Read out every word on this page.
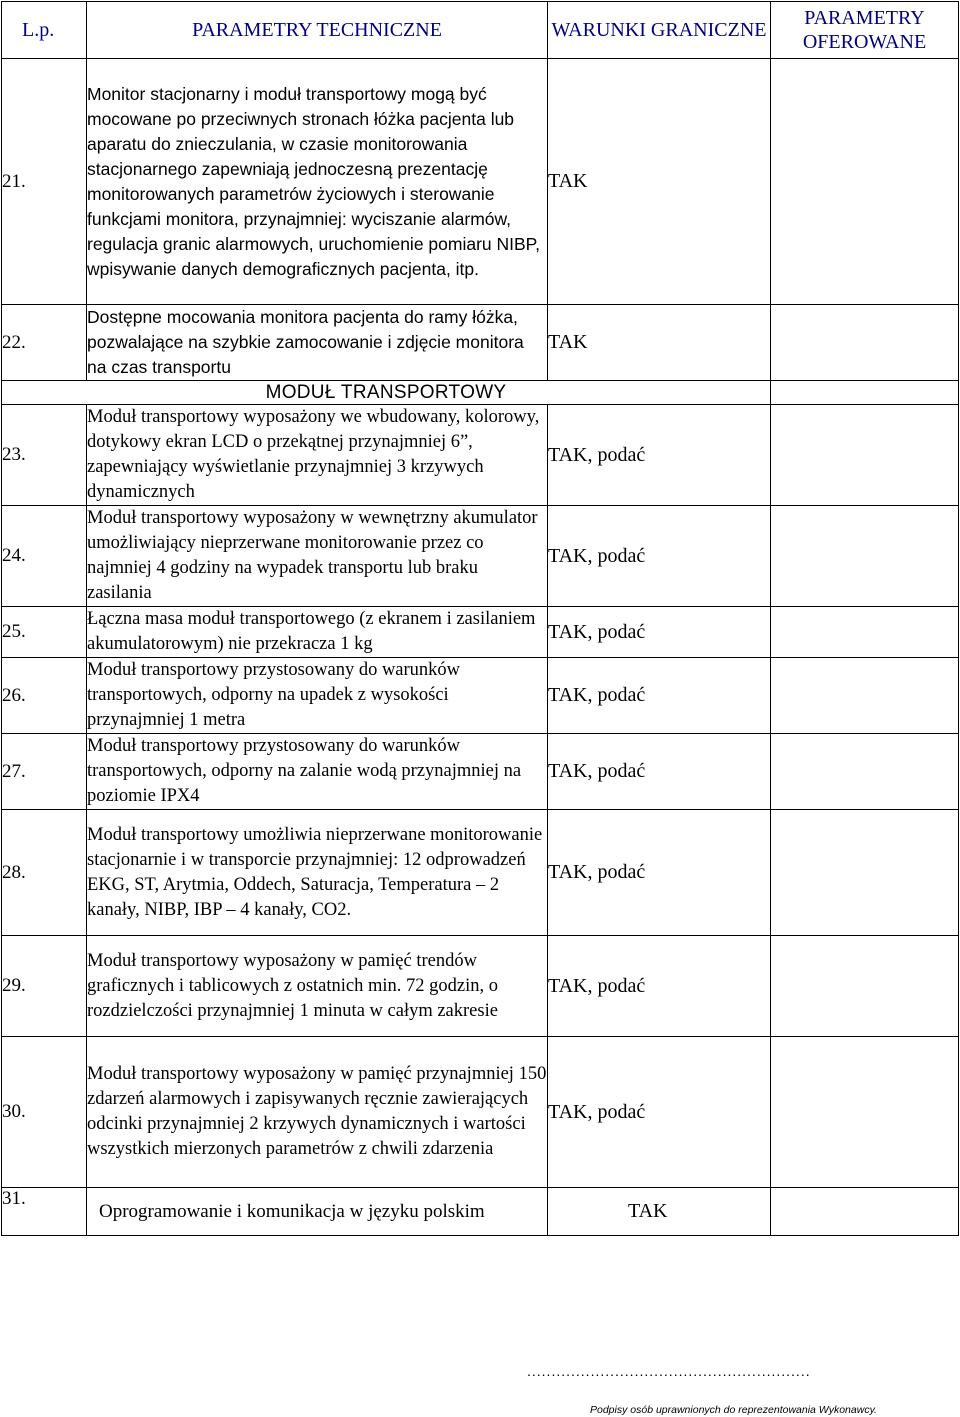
L.p.	PARAMETRY TECHNICZNE	WARUNKI GRANICZNE	PARAMETRY OFEROWANE
21.	Monitor stacjonarny i moduł transportowy mogą być mocowane po przeciwnych stronach łóżka pacjenta lub aparatu do znieczulania, w czasie monitorowania stacjonarnego zapewniają jednoczesną prezentację monitorowanych parametrów życiowych i sterowanie funkcjami monitora, przynajmniej: wyciszanie alarmów, regulacja granic alarmowych, uruchomienie pomiaru NIBP, wpisywanie danych demograficznych pacjenta, itp.	TAK	
22.	Dostępne mocowania monitora pacjenta do ramy łóżka, pozwalające na szybkie zamocowanie i zdjęcie monitora na czas transportu	TAK	
MODUŁ TRANSPORTOWY			
23.	Moduł transportowy wyposażony we wbudowany, kolorowy, dotykowy ekran LCD o przekątnej przynajmniej 6”, zapewniający wyświetlanie przynajmniej 3 krzywych dynamicznych	TAK, podać	
24.	Moduł transportowy wyposażony w wewnętrzny akumulator umożliwiający nieprzerwane monitorowanie przez co najmniej 4 godziny na wypadek transportu lub braku zasilania	TAK, podać	
25.	Łączna masa moduł transportowego (z ekranem i zasilaniem akumulatorowym) nie przekracza 1 kg	TAK, podać	
26.	Moduł transportowy przystosowany do warunków transportowych, odporny na upadek z wysokości przynajmniej 1 metra	TAK, podać	
27.	Moduł transportowy przystosowany do warunków transportowych, odporny na zalanie wodą przynajmniej na poziomie IPX4	TAK, podać	
28.	Moduł transportowy umożliwia nieprzerwane monitorowanie stacjonarnie i w transporcie przynajmniej: 12 odprowadzeń EKG, ST, Arytmia, Oddech, Saturacja, Temperatura – 2 kanały, NIBP, IBP – 4 kanały, CO2.	TAK, podać	
29.	Moduł transportowy wyposażony w pamięć trendów graficznych i tablicowych z ostatnich min. 72 godzin, o rozdzielczości przynajmniej 1 minuta w całym zakresie	TAK, podać	
30.	Moduł transportowy wyposażony w pamięć przynajmniej 150 zdarzeń alarmowych i zapisywanych ręcznie zawierających odcinki przynajmniej 2 krzywych dynamicznych i wartości wszystkich mierzonych parametrów z chwili zdarzenia	TAK, podać	
31.	Oprogramowanie i komunikacja w języku polskim	TAK	
..........................................................
Podpisy osób uprawnionych do reprezentowania Wykonawcy.
